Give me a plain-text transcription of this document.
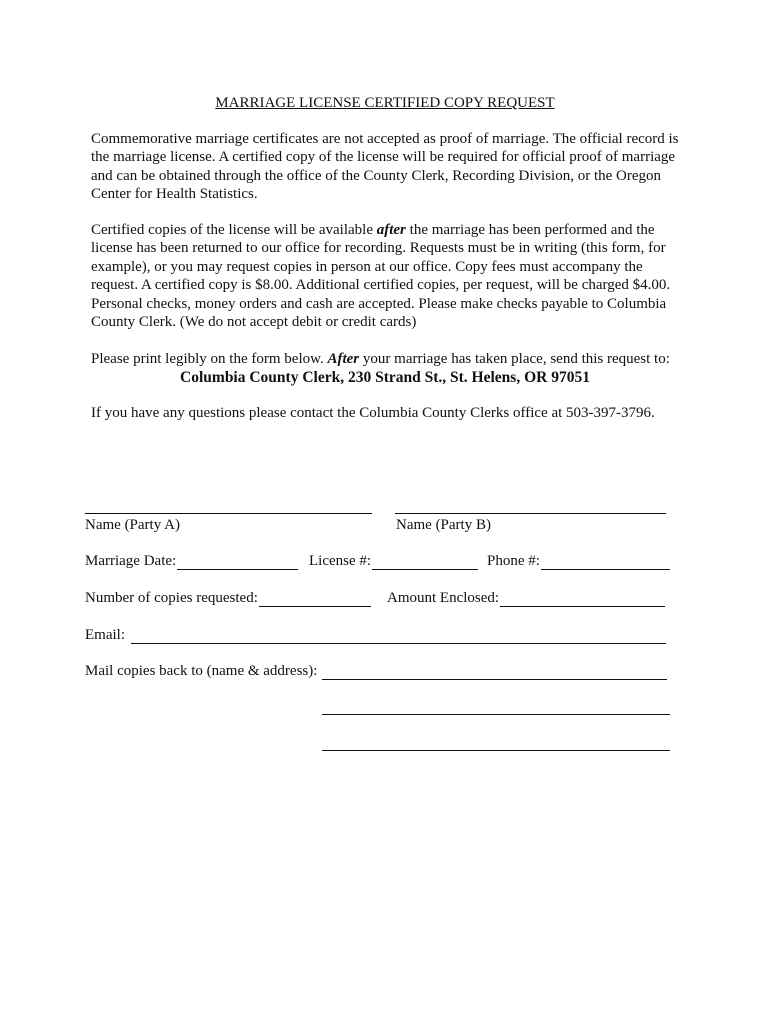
MARRIAGE LICENSE CERTIFIED COPY REQUEST

Commemorative marriage certificates are not accepted as proof of marriage. The official record is the marriage license. A certified copy of the license will be required for official proof of marriage and can be obtained through the office of the County Clerk, Recording Division, or the Oregon Center for Health Statistics.

Certified copies of the license will be available after the marriage has been performed and the license has been returned to our office for recording. Requests must be in writing (this form, for example), or you may request copies in person at our office. Copy fees must accompany the request. A certified copy is $8.00. Additional certified copies, per request, will be charged $4.00. Personal checks, money orders and cash are accepted. Please make checks payable to Columbia County Clerk. (We do not accept debit or credit cards)

Please print legibly on the form below. After your marriage has taken place, send this request to:

Columbia County Clerk, 230 Strand St., St. Helens, OR 97051

If you have any questions please contact the Columbia County Clerks office at 503-397-3796.

Name (Party A)	Name (Party B)
Marriage Date:	License #:	Phone #:
Number of copies requested:	Amount Enclosed:
Email:
Mail copies back to (name & address):
